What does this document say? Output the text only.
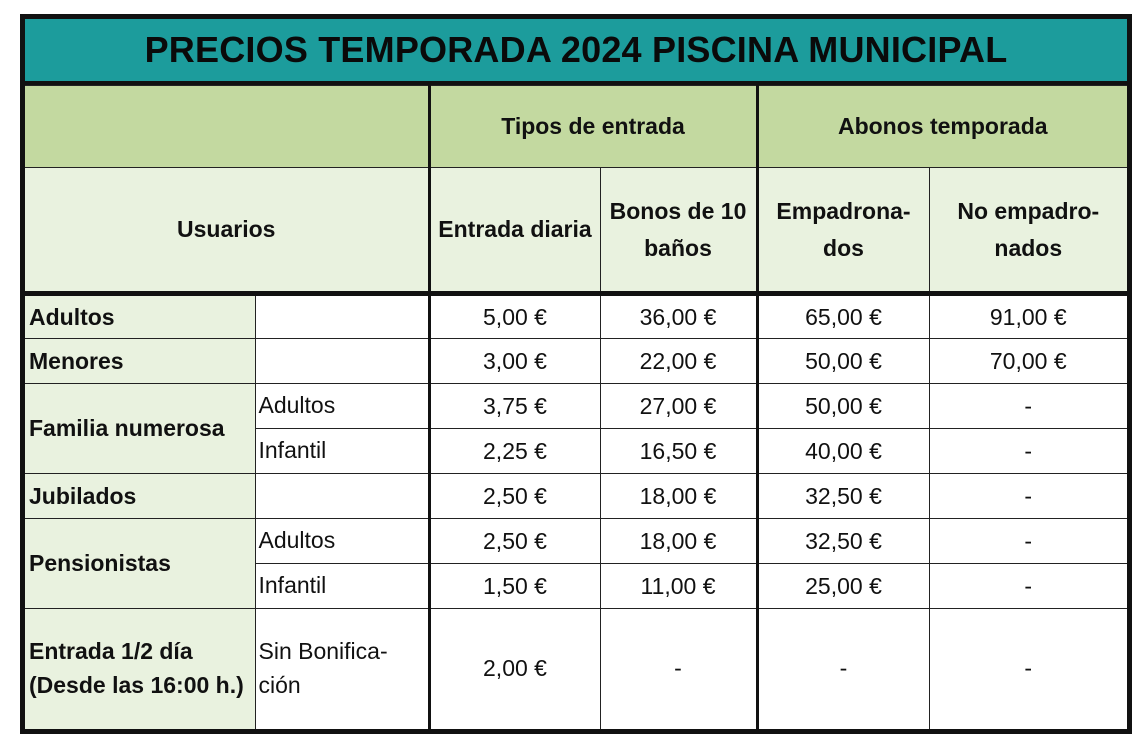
PRECIOS TEMPORADA 2024 PISCINA MUNICIPAL
		Tipos de entrada		Abonos temporada	
Usuarios		Entrada diaria	Bonos de 10 baños	Empadrona-dos	No empadro-nados
Adultos		5,00 €	36,00 €	65,00 €	91,00 €
Menores		3,00 €	22,00 €	50,00 €	70,00 €
Familia numerosa	Adultos	3,75 €	27,00 €	50,00 €	-
	Infantil	2,25 €	16,50 €	40,00 €	-
Jubilados		2,50 €	18,00 €	32,50 €	-
Pensionistas	Adultos	2,50 €	18,00 €	32,50 €	-
	Infantil	1,50 €	11,00 €	25,00 €	-
Entrada 1/2 día (Desde las 16:00 h.)	Sin Bonifica-ción	2,00 €	-	-	-
